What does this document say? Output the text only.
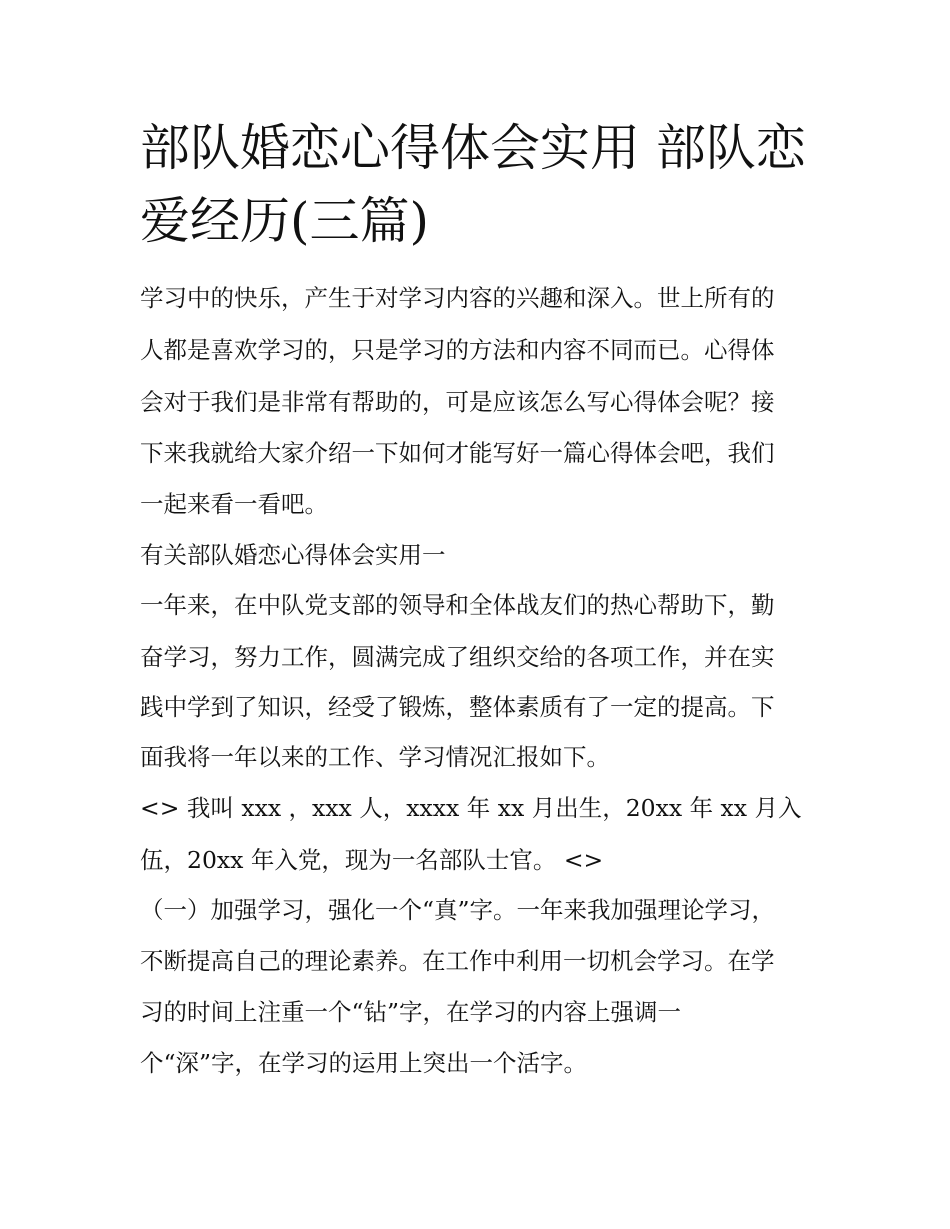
部队婚恋心得体会实用 部队恋
爱经历(三篇)

学习中的快乐，产生于对学习内容的兴趣和深入。世上所有的

人都是喜欢学习的，只是学习的方法和内容不同而已。心得体

会对于我们是非常有帮助的，可是应该怎么写心得体会呢？接

下来我就给大家介绍一下如何才能写好一篇心得体会吧，我们

一起来看一看吧。

有关部队婚恋心得体会实用一

一年来，在中队党支部的领导和全体战友们的热心帮助下，勤

奋学习，努力工作，圆满完成了组织交给的各项工作，并在实

践中学到了知识，经受了锻炼，整体素质有了一定的提高。下

面我将一年以来的工作、学习情况汇报如下。

<> 我叫 xxx ，xxx 人，xxxx 年 xx 月出生，20xx 年 xx 月入

伍，20xx 年入党，现为一名部队士官。 <>

（一）加强学习，强化一个“真”字。一年来我加强理论学习，

不断提高自己的理论素养。在工作中利用一切机会学习。在学

习的时间上注重一个“钻”字，在学习的内容上强调一

个“深”字，在学习的运用上突出一个活字。
